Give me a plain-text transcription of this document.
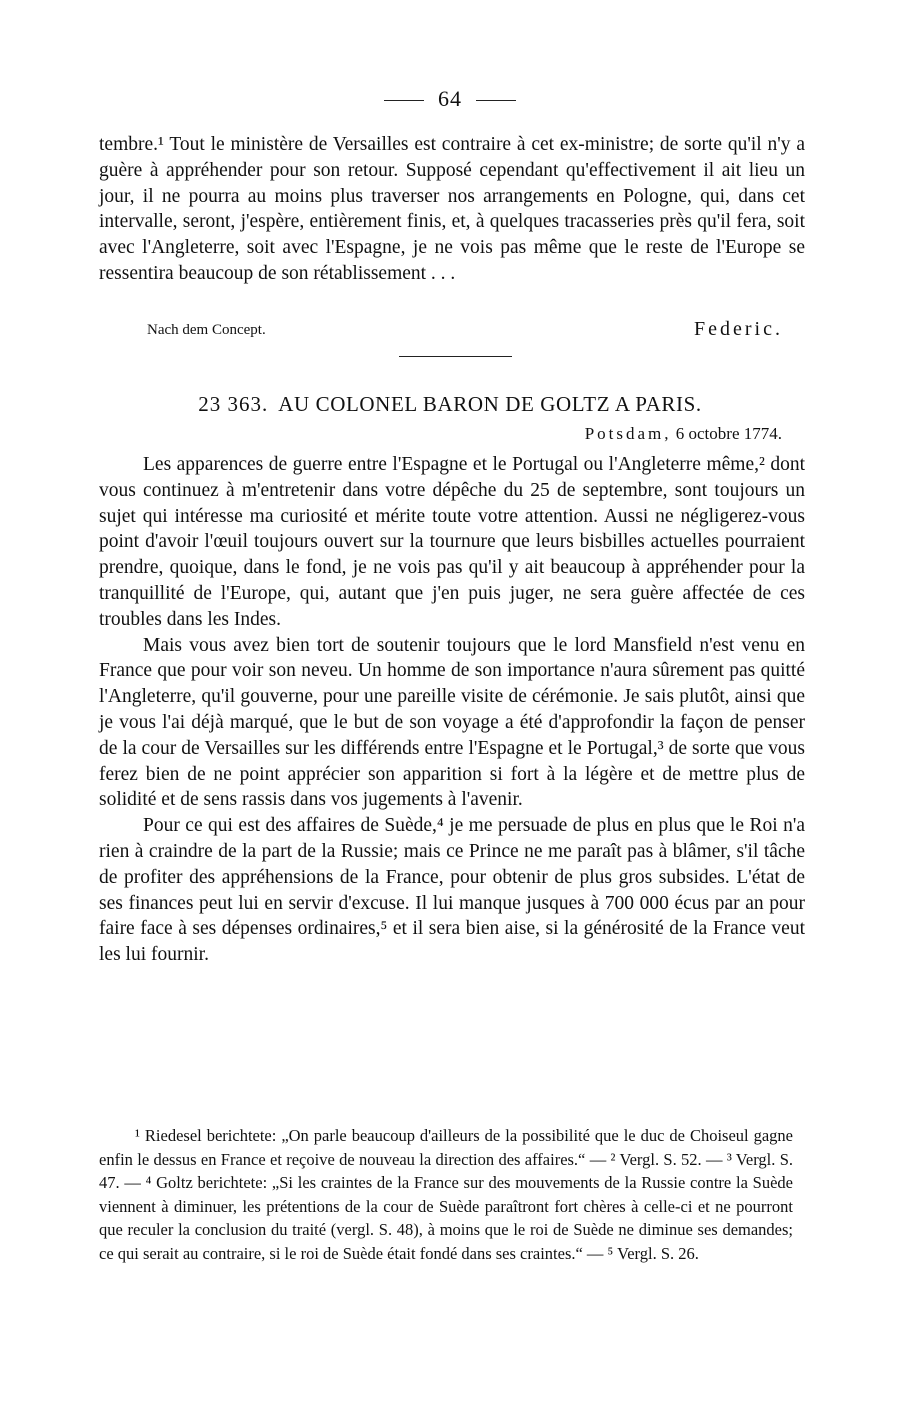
64

tembre.¹ Tout le ministère de Versailles est contraire à cet ex-ministre; de sorte qu'il n'y a guère à appréhender pour son retour. Supposé cependant qu'effectivement il ait lieu un jour, il ne pourra au moins plus traverser nos arrangements en Pologne, qui, dans cet intervalle, seront, j'espère, entièrement finis, et, à quelques tracasseries près qu'il fera, soit avec l'Angleterre, soit avec l'Espagne, je ne vois pas même que le reste de l'Europe se ressentira beaucoup de son rétablissement . . .

Nach dem Concept.	Federic.
23 363. AU COLONEL BARON DE GOLTZ A PARIS.
Potsdam, 6 octobre 1774.

Les apparences de guerre entre l'Espagne et le Portugal ou l'Angleterre même,² dont vous continuez à m'entretenir dans votre dépêche du 25 de septembre, sont toujours un sujet qui intéresse ma curiosité et mérite toute votre attention. Aussi ne négligerez-vous point d'avoir l'œuil toujours ouvert sur la tournure que leurs bisbilles actuelles pourraient prendre, quoique, dans le fond, je ne vois pas qu'il y ait beaucoup à appréhender pour la tranquillité de l'Europe, qui, autant que j'en puis juger, ne sera guère affectée de ces troubles dans les Indes.

Mais vous avez bien tort de soutenir toujours que le lord Mansfield n'est venu en France que pour voir son neveu. Un homme de son importance n'aura sûrement pas quitté l'Angleterre, qu'il gouverne, pour une pareille visite de cérémonie. Je sais plutôt, ainsi que je vous l'ai déjà marqué, que le but de son voyage a été d'approfondir la façon de penser de la cour de Versailles sur les différends entre l'Espagne et le Portugal,³ de sorte que vous ferez bien de ne point apprécier son apparition si fort à la légère et de mettre plus de solidité et de sens rassis dans vos jugements à l'avenir.

Pour ce qui est des affaires de Suède,⁴ je me persuade de plus en plus que le Roi n'a rien à craindre de la part de la Russie; mais ce Prince ne me paraît pas à blâmer, s'il tâche de profiter des appréhensions de la France, pour obtenir de plus gros subsides. L'état de ses finances peut lui en servir d'excuse. Il lui manque jusques à 700 000 écus par an pour faire face à ses dépenses ordinaires,⁵ et il sera bien aise, si la générosité de la France veut les lui fournir.

¹ Riedesel berichtete: „On parle beaucoup d'ailleurs de la possibilité que le duc de Choiseul gagne enfin le dessus en France et reçoive de nouveau la direction des affaires.“ — ² Vergl. S. 52. — ³ Vergl. S. 47. — ⁴ Goltz berichtete: „Si les craintes de la France sur des mouvements de la Russie contre la Suède viennent à diminuer, les prétentions de la cour de Suède paraîtront fort chères à celle-ci et ne pourront que reculer la conclusion du traité (vergl. S. 48), à moins que le roi de Suède ne diminue ses demandes; ce qui serait au contraire, si le roi de Suède était fondé dans ses craintes.“ — ⁵ Vergl. S. 26.
